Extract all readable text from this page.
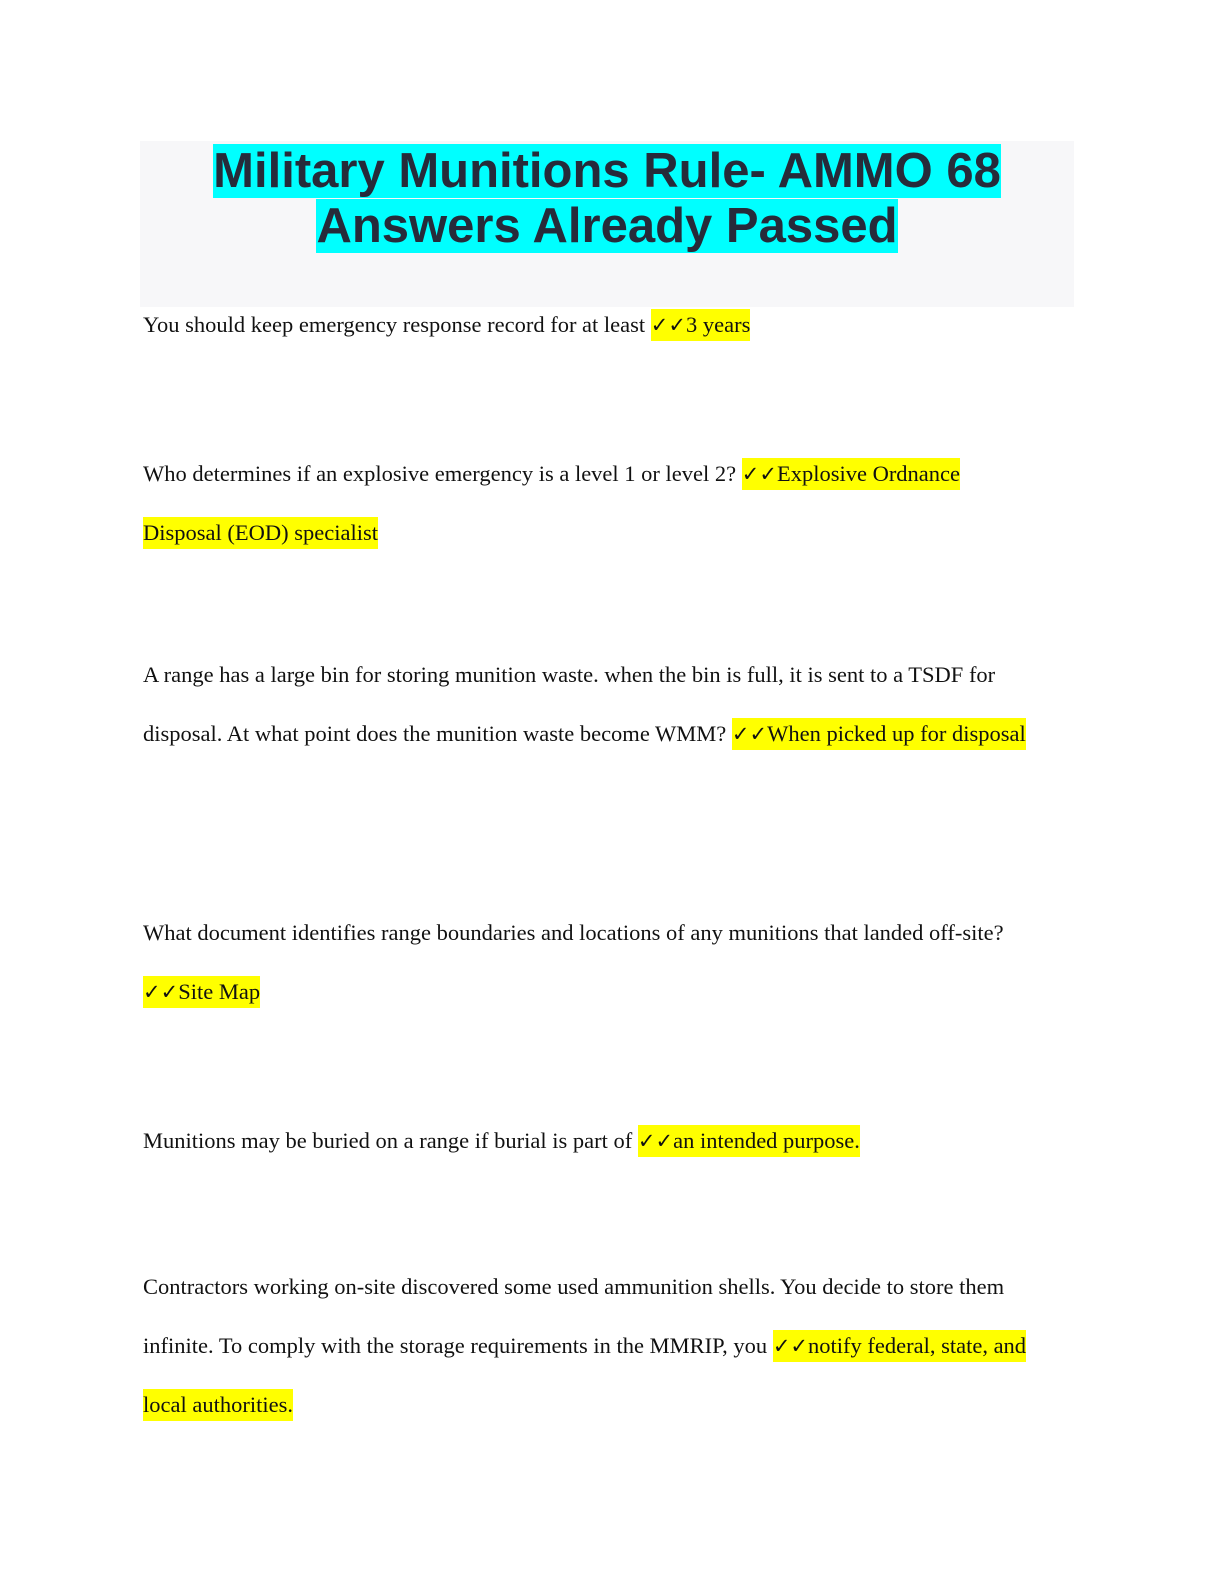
Military Munitions Rule- AMMO 68
Answers Already Passed

You should keep emergency response record for at least ✓✓3 years

Who determines if an explosive emergency is a level 1 or level 2? ✓✓Explosive Ordnance Disposal (EOD) specialist

A range has a large bin for storing munition waste. when the bin is full, it is sent to a TSDF for disposal. At what point does the munition waste become WMM? ✓✓When picked up for disposal

What document identifies range boundaries and locations of any munitions that landed off-site? ✓✓Site Map

Munitions may be buried on a range if burial is part of ✓✓an intended purpose.

Contractors working on-site discovered some used ammunition shells. You decide to store them infinite. To comply with the storage requirements in the MMRIP, you ✓✓notify federal, state, and local authorities.
